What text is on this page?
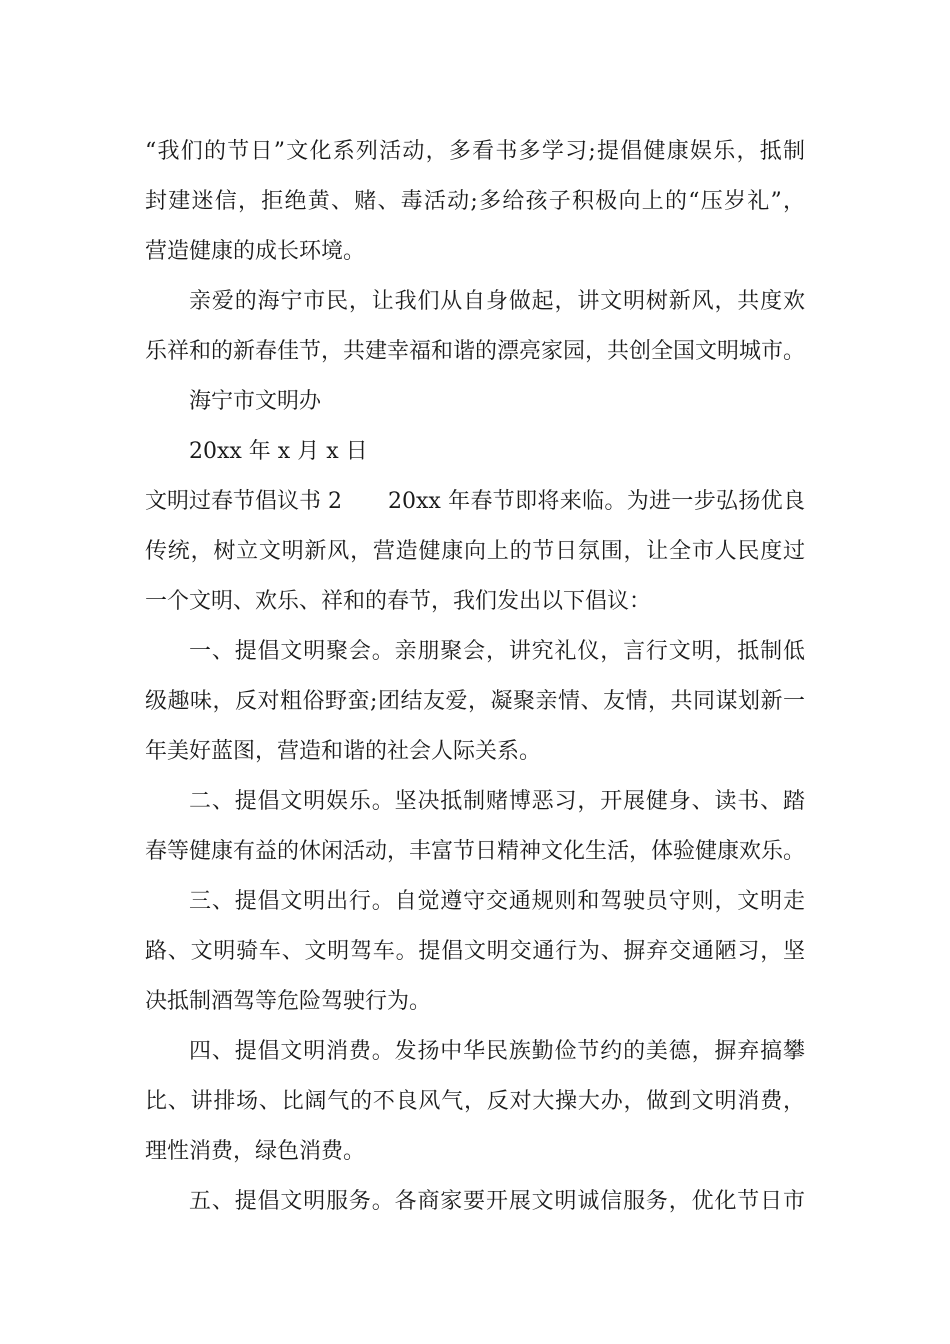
“我们的节日”文化系列活动，多看书多学习;提倡健康娱乐，抵制
封建迷信，拒绝黄、赌、毒活动;多给孩子积极向上的“压岁礼”，
营造健康的成长环境。
亲爱的海宁市民，让我们从自身做起，讲文明树新风，共度欢
乐祥和的新春佳节，共建幸福和谐的漂亮家园，共创全国文明城市。
海宁市文明办
20xx 年 x 月 x 日
文明过春节倡议书 2 20xx 年春节即将来临。为进一步弘扬优良
传统，树立文明新风，营造健康向上的节日氛围，让全市人民度过
一个文明、欢乐、祥和的春节，我们发出以下倡议：
一、提倡文明聚会。亲朋聚会，讲究礼仪，言行文明，抵制低
级趣味，反对粗俗野蛮;团结友爱，凝聚亲情、友情，共同谋划新一
年美好蓝图，营造和谐的社会人际关系。
二、提倡文明娱乐。坚决抵制赌博恶习，开展健身、读书、踏
春等健康有益的休闲活动，丰富节日精神文化生活，体验健康欢乐。
三、提倡文明出行。自觉遵守交通规则和驾驶员守则，文明走
路、文明骑车、文明驾车。提倡文明交通行为、摒弃交通陋习，坚
决抵制酒驾等危险驾驶行为。
四、提倡文明消费。发扬中华民族勤俭节约的美德，摒弃搞攀
比、讲排场、比阔气的不良风气，反对大操大办，做到文明消费，
理性消费，绿色消费。
五、提倡文明服务。各商家要开展文明诚信服务，优化节日市
